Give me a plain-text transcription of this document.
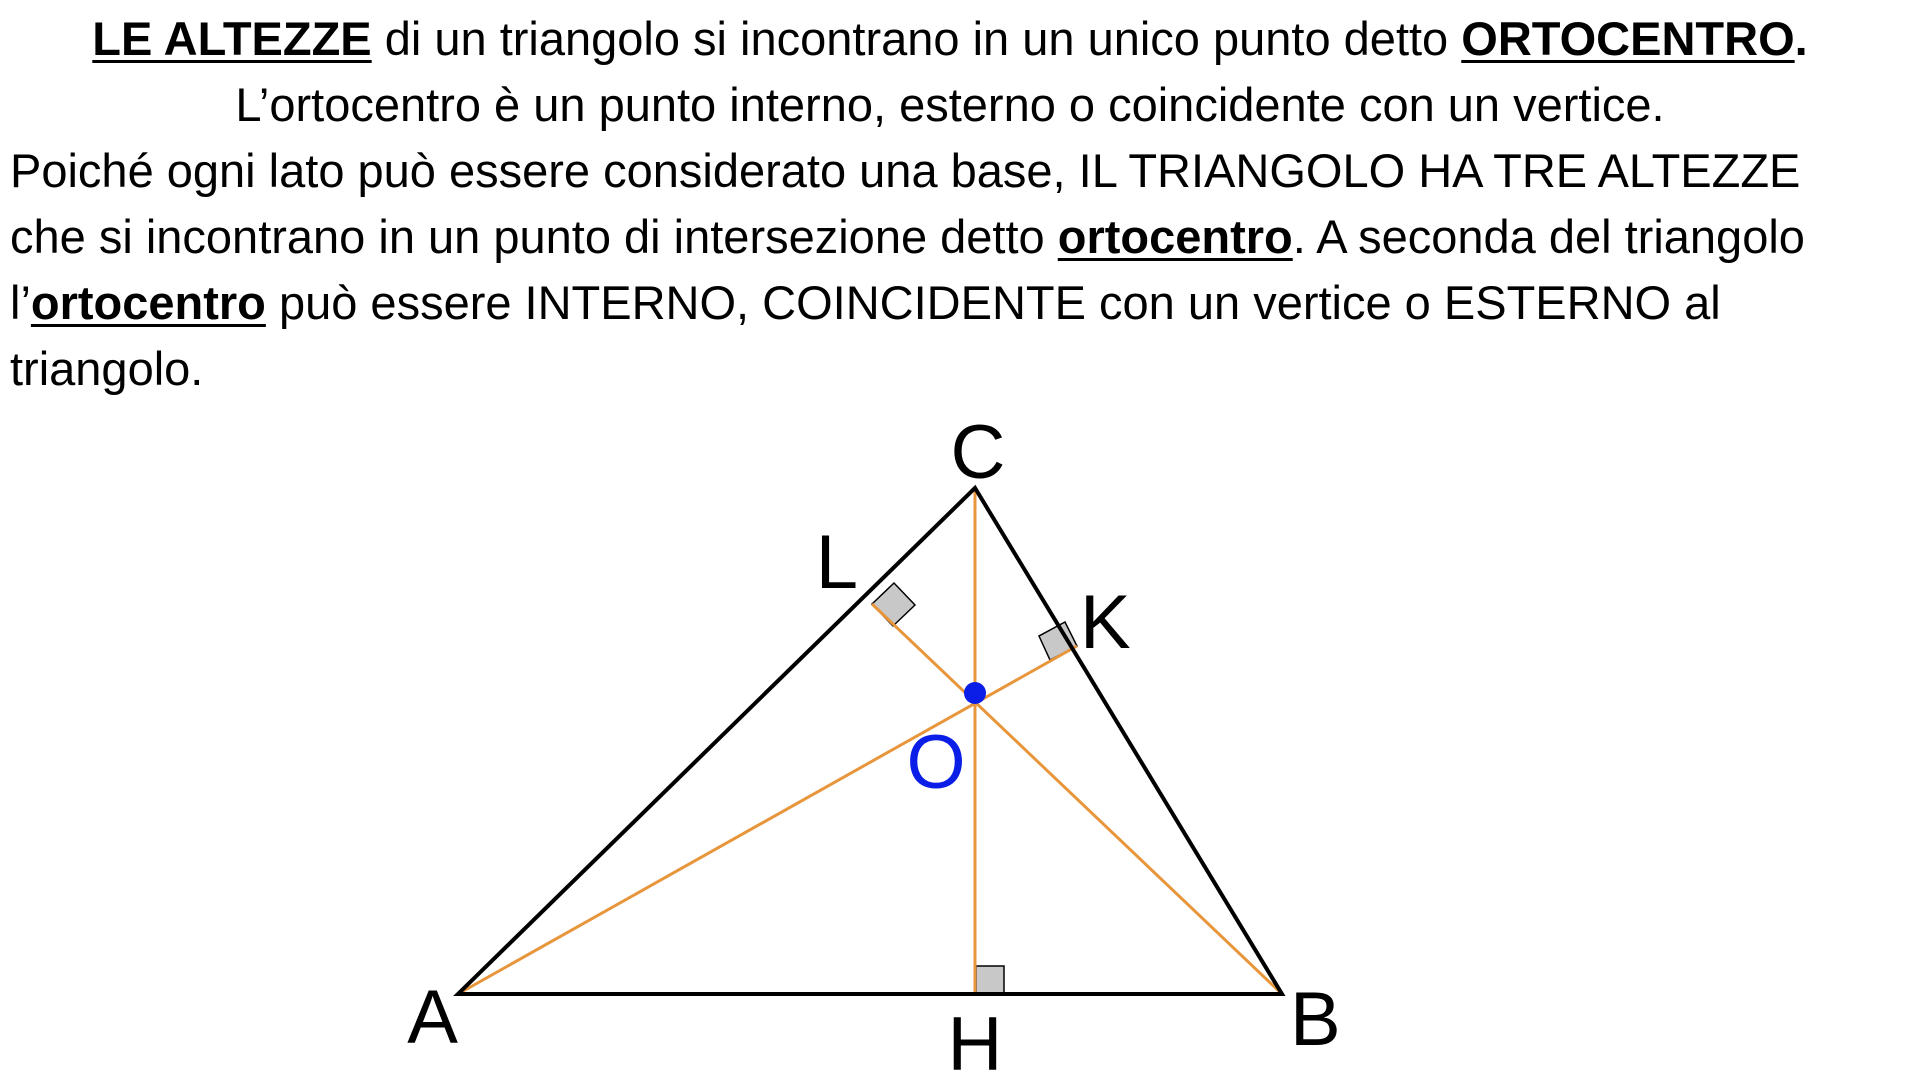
LE ALTEZZE di un triangolo si incontrano in un unico punto detto ORTOCENTRO.
L’ortocentro è un punto interno, esterno o coincidente con un vertice.
Poiché ogni lato può essere considerato una base, IL TRIANGOLO HA TRE ALTEZZE
che si incontrano in un punto di intersezione detto ortocentro. A seconda del triangolo
l’ortocentro può essere INTERNO, COINCIDENTE con un vertice o ESTERNO al
triangolo.
A	B
C
H
K
L
O
